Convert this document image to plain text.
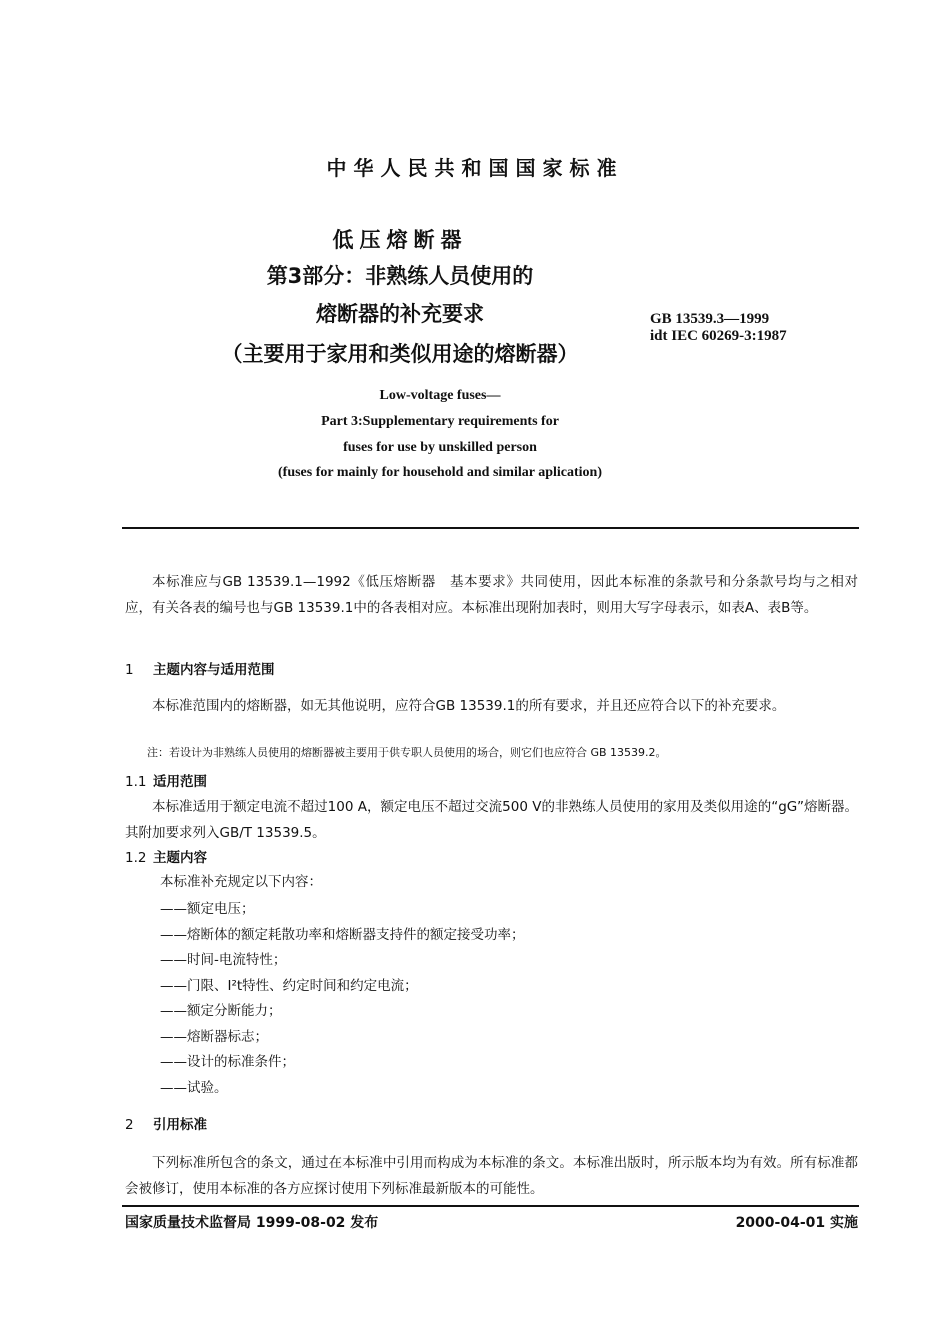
中华人民共和国国家标准
低压熔断器
第3部分：非熟练人员使用的
熔断器的补充要求
（主要用于家用和类似用途的熔断器）
GB 13539.3—1999
idt IEC 60269-3:1987
Low-voltage fuses—
Part 3:Supplementary requirements for
fuses for use by unskilled person
(fuses for mainly for household and similar aplication)
本标准应与GB 13539.1—1992《低压熔断器　基本要求》共同使用，因此本标准的条款号和分条款号均与之相对应，有关各表的编号也与GB 13539.1中的各表相对应。本标准出现附加表时，则用大写字母表示，如表A、表B等。
1 主题内容与适用范围
本标准范围内的熔断器，如无其他说明，应符合GB 13539.1的所有要求，并且还应符合以下的补充要求。
注：若设计为非熟练人员使用的熔断器被主要用于供专职人员使用的场合，则它们也应符合 GB 13539.2。
1.1 适用范围
本标准适用于额定电流不超过100 A，额定电压不超过交流500 V的非熟练人员使用的家用及类似用途的“gG”熔断器。其附加要求列入GB/T 13539.5。
1.2 主题内容
本标准补充规定以下内容：
——额定电压；
——熔断体的额定耗散功率和熔断器支持件的额定接受功率；
——时间-电流特性；
——门限、I²t特性、约定时间和约定电流；
——额定分断能力；
——熔断器标志；
——设计的标准条件；
——试验。
2 引用标准
下列标准所包含的条文，通过在本标准中引用而构成为本标准的条文。本标准出版时，所示版本均为有效。所有标准都会被修订，使用本标准的各方应探讨使用下列标准最新版本的可能性。
国家质量技术监督局 1999-08-02 发布	2000-04-01 实施
